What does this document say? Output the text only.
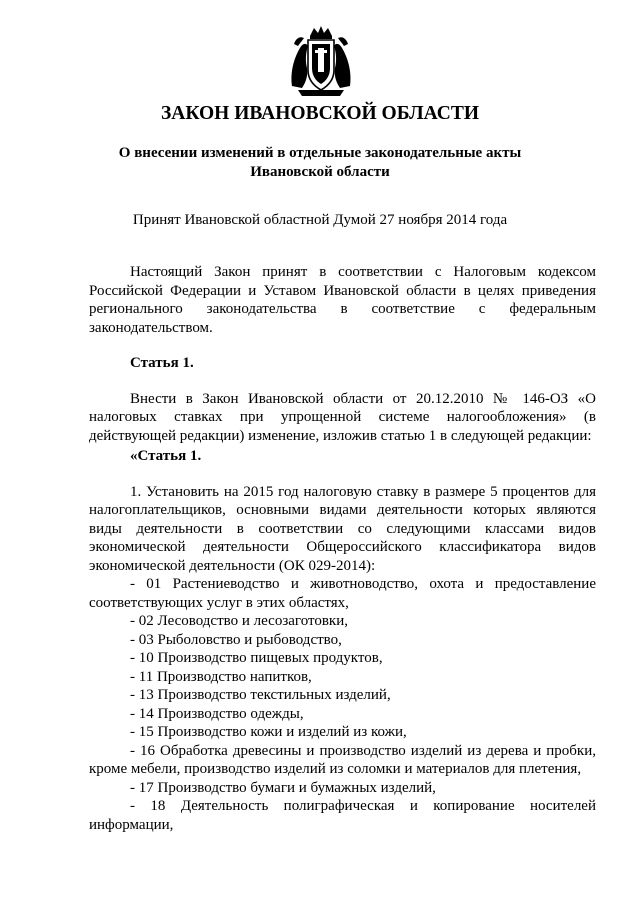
ЗАКОН ИВАНОВСКОЙ ОБЛАСТИ
О внесении изменений в отдельные законодательные акты
Ивановской области

Принят Ивановской областной Думой 27 ноября 2014 года

Настоящий Закон принят в соответствии с Налоговым кодексом Российской Федерации и Уставом Ивановской области в целях приведения регионального законодательства в соответствие с федеральным законодательством.

Статья 1.

Внести в Закон Ивановской области от 20.12.2010 № 146-ОЗ «О налоговых ставках при упрощенной системе налогообложения» (в действующей редакции) изменение, изложив статью 1 в следующей редакции:

«Статья 1.

1. Установить на 2015 год налоговую ставку в размере 5 процентов для налогоплательщиков, основными видами деятельности которых являются виды деятельности в соответствии со следующими классами видов экономической деятельности Общероссийского классификатора видов экономической деятельности (ОК 029-2014):

- 01 Растениеводство и животноводство, охота и предоставление соответствующих услуг в этих областях,

- 02 Лесоводство и лесозаготовки,

- 03 Рыболовство и рыбоводство,

- 10 Производство пищевых продуктов,

- 11 Производство напитков,

- 13 Производство текстильных изделий,

- 14 Производство одежды,

- 15 Производство кожи и изделий из кожи,

- 16 Обработка древесины и производство изделий из дерева и пробки, кроме мебели, производство изделий из соломки и материалов для плетения,

- 17 Производство бумаги и бумажных изделий,

- 18 Деятельность полиграфическая и копирование носителей информации,
